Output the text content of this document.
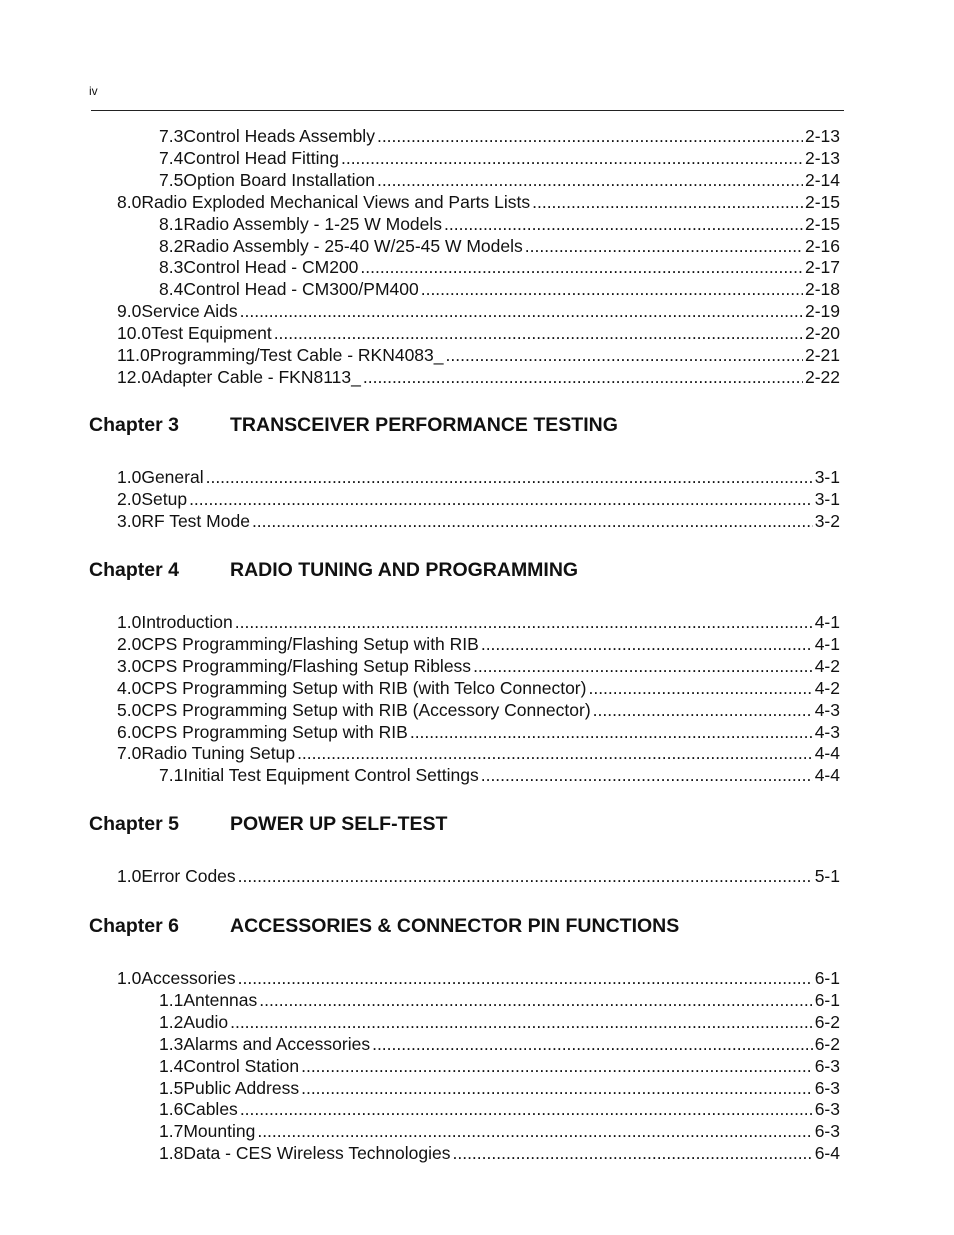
iv
7.3 Control Heads Assembly .....	2-13
7.4 Control Head Fitting .....	2-13
7.5 Option Board Installation .....	2-14
8.0 Radio Exploded Mechanical Views and Parts Lists .....	2-15
8.1 Radio Assembly - 1-25 W Models .....	2-15
8.2 Radio Assembly - 25-40 W/25-45 W Models .....	2-16
8.3 Control Head - CM200 .....	2-17
8.4 Control Head - CM300/PM400 .....	2-18
9.0 Service Aids .....	2-19
10.0 Test Equipment .....	2-20
11.0 Programming/Test Cable - RKN4083_ .....	2-21
12.0 Adapter Cable - FKN8113_ .....	2-22
Chapter 3	TRANSCEIVER PERFORMANCE TESTING
1.0 General .....	3-1
2.0 Setup .....	3-1
3.0 RF Test Mode .....	3-2
Chapter 4	RADIO TUNING AND PROGRAMMING
1.0 Introduction .....	4-1
2.0 CPS Programming/Flashing Setup with RIB .....	4-1
3.0 CPS Programming/Flashing Setup Ribless .....	4-2
4.0 CPS Programming Setup with RIB (with Telco Connector) .....	4-2
5.0 CPS Programming Setup with RIB (Accessory Connector) .....	4-3
6.0 CPS Programming Setup with RIB .....	4-3
7.0 Radio Tuning Setup .....	4-4
7.1 Initial Test Equipment Control Settings .....	4-4
Chapter 5	POWER UP SELF-TEST
1.0 Error Codes .....	5-1
Chapter 6	ACCESSORIES & CONNECTOR PIN FUNCTIONS
1.0 Accessories .....	6-1
1.1 Antennas .....	6-1
1.2 Audio .....	6-2
1.3 Alarms and Accessories .....	6-2
1.4 Control Station .....	6-3
1.5 Public Address .....	6-3
1.6 Cables .....	6-3
1.7 Mounting .....	6-3
1.8 Data - CES Wireless Technologies .....	6-4
